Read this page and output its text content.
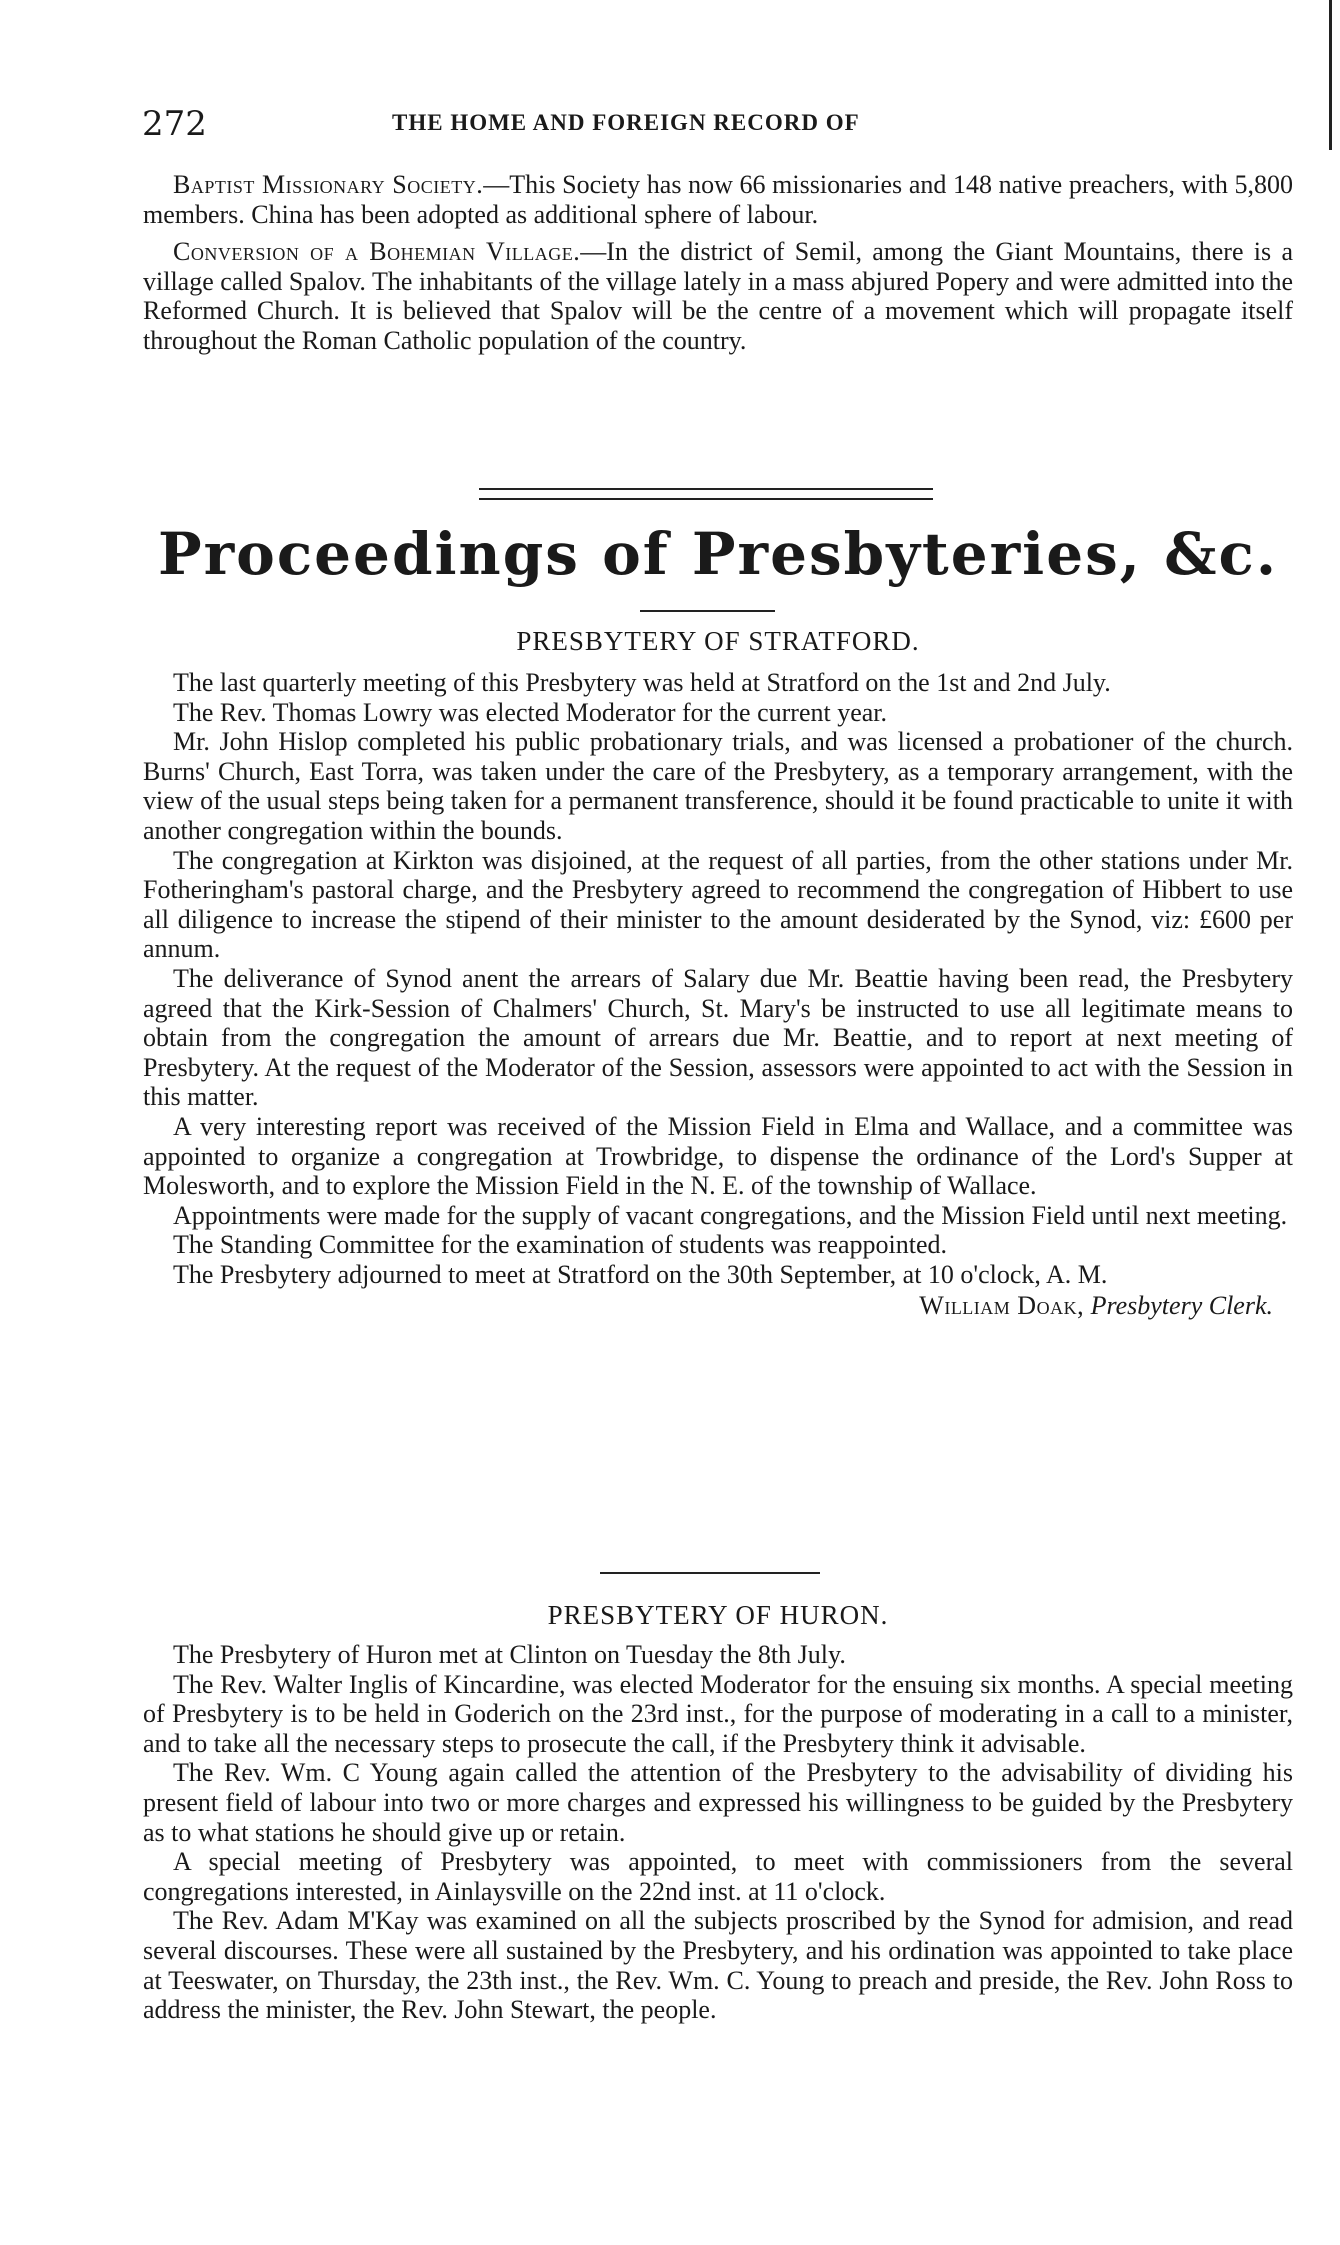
272	THE HOME AND FOREIGN RECORD OF

Baptist Missionary Society.—This Society has now 66 missionaries and 148 native preachers, with 5,800 members. China has been adopted as additional sphere of labour.

Conversion of a Bohemian Village.—In the district of Semil, among the Giant Mountains, there is a village called Spalov. The inhabitants of the village lately in a mass abjured Popery and were admitted into the Reformed Church. It is believed that Spalov will be the centre of a movement which will propagate itself throughout the Roman Catholic population of the country.

Proceedings of Presbyteries, &c.
PRESBYTERY OF STRATFORD.

The last quarterly meeting of this Presbytery was held at Stratford on the 1st and 2nd July.

The Rev. Thomas Lowry was elected Moderator for the current year.

Mr. John Hislop completed his public probationary trials, and was licensed a probationer of the church. Burns' Church, East Torra, was taken under the care of the Presbytery, as a temporary arrangement, with the view of the usual steps being taken for a permanent transference, should it be found practicable to unite it with another congregation within the bounds.

The congregation at Kirkton was disjoined, at the request of all parties, from the other stations under Mr. Fotheringham's pastoral charge, and the Presbytery agreed to recommend the congregation of Hibbert to use all diligence to increase the stipend of their minister to the amount desiderated by the Synod, viz: £600 per annum.

The deliverance of Synod anent the arrears of Salary due Mr. Beattie having been read, the Presbytery agreed that the Kirk-Session of Chalmers' Church, St. Mary's be instructed to use all legitimate means to obtain from the congregation the amount of arrears due Mr. Beattie, and to report at next meeting of Presbytery. At the request of the Moderator of the Session, assessors were appointed to act with the Session in this matter.

A very interesting report was received of the Mission Field in Elma and Wallace, and a committee was appointed to organize a congregation at Trowbridge, to dispense the ordinance of the Lord's Supper at Molesworth, and to explore the Mission Field in the N. E. of the township of Wallace.

Appointments were made for the supply of vacant congregations, and the Mission Field until next meeting.

The Standing Committee for the examination of students was reappointed.

The Presbytery adjourned to meet at Stratford on the 30th September, at 10 o'clock, A. M.

William Doak, Presbytery Clerk.
PRESBYTERY OF HURON.

The Presbytery of Huron met at Clinton on Tuesday the 8th July.

The Rev. Walter Inglis of Kincardine, was elected Moderator for the ensuing six months. A special meeting of Presbytery is to be held in Goderich on the 23rd inst., for the purpose of moderating in a call to a minister, and to take all the necessary steps to prosecute the call, if the Presbytery think it advisable.

The Rev. Wm. C Young again called the attention of the Presbytery to the advisability of dividing his present field of labour into two or more charges and expressed his willingness to be guided by the Presbytery as to what stations he should give up or retain.

A special meeting of Presbytery was appointed, to meet with commissioners from the several congregations interested, in Ainlaysville on the 22nd inst. at 11 o'clock.

The Rev. Adam M'Kay was examined on all the subjects proscribed by the Synod for admision, and read several discourses. These were all sustained by the Presbytery, and his ordination was appointed to take place at Teeswater, on Thursday, the 23th inst., the Rev. Wm. C. Young to preach and preside, the Rev. John Ross to address the minister, the Rev. John Stewart, the people.
